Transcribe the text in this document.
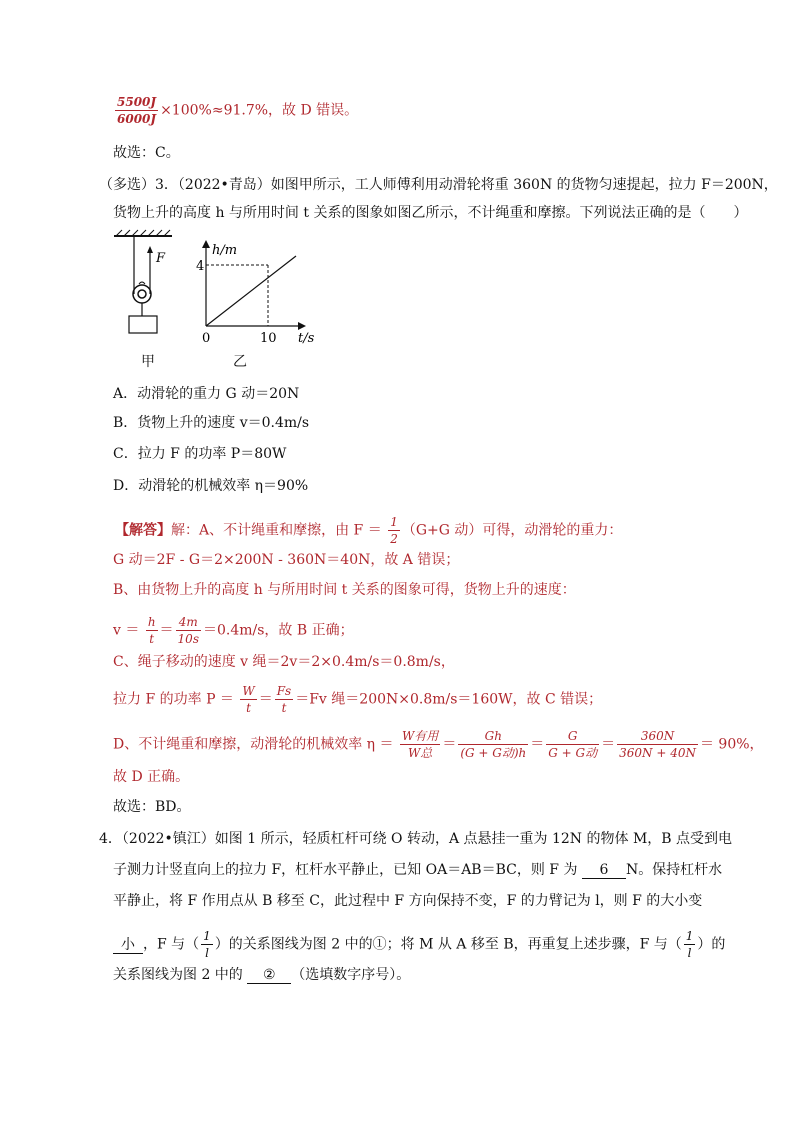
$\frac{5500J}{6000J} \times 100\%\approx 91.7\%$，故 D 错误。
故选：C。
（多选）3．（2022•青岛）如图甲所示，工人师傅利用动滑轮将重 360N 的货物匀速提起，拉力 F＝200N，
货物上升的高度 h 与所用时间 t 关系的图象如图乙所示，不计绳重和摩擦。下列说法正确的是（　　）
F
甲
h/m
4
0	10 t/s
乙
A．动滑轮的重力 G 动＝20N
B．货物上升的速度 v＝0.4m/s
C．拉力 F 的功率 P＝80W
D．动滑轮的机械效率 η＝90%
【解答】解：A、不计绳重和摩擦，由 $F = \frac{1}{2} (G+G$ 动）可得，动滑轮的重力：
G 动＝2F - G＝2×200N - 360N＝40N，故 A 错误；
B、由货物上升的高度 h 与所用时间 t 关系的图象可得，货物上升的速度：
$v = \frac{h}{t} = \frac{4m}{10s} =0.4m/s$，故 B 正确；
C、绳子移动的速度 v 绳＝2v＝2×0.4m/s＝0.8m/s，
拉力 F 的功率 $P = \frac{W}{t} = \frac{Fs}{t} =Fv$ 绳＝200N×0.8m/s＝160W，故 C 错误；
D、不计绳重和摩擦，动滑轮的机械效率 $\eta = \frac{\text{W有用}}{\text{W总}} = \frac{Gh}{\text{(G + G动)h}} = \frac{G}{\text{G + G动}} = \frac{360N}{360N + 40N} = 90\%$，
故 D 正确。
故选：BD。
4．（2022•镇江）如图 1 所示，轻质杠杆可绕 O 转动，A 点悬挂一重为 12N 的物体 M，B 点受到电
子测力计竖直向上的拉力 F，杠杆水平静止，已知 OA＝AB＝BC，则 F 为 6 N。保持杠杆水
平静止，将 F 作用点从 B 移至 C，此过程中 F 方向保持不变，F 的力臂记为 l，则 F 的大小变
小 ，F 与（ $\frac{1}{l}$ ）的关系图线为图 2 中的①；将 M 从 A 移至 B，再重复上述步骤，F 与（ $\frac{1}{l}$ ）的
关系图线为图 2 中的 ② （选填数字序号）。
